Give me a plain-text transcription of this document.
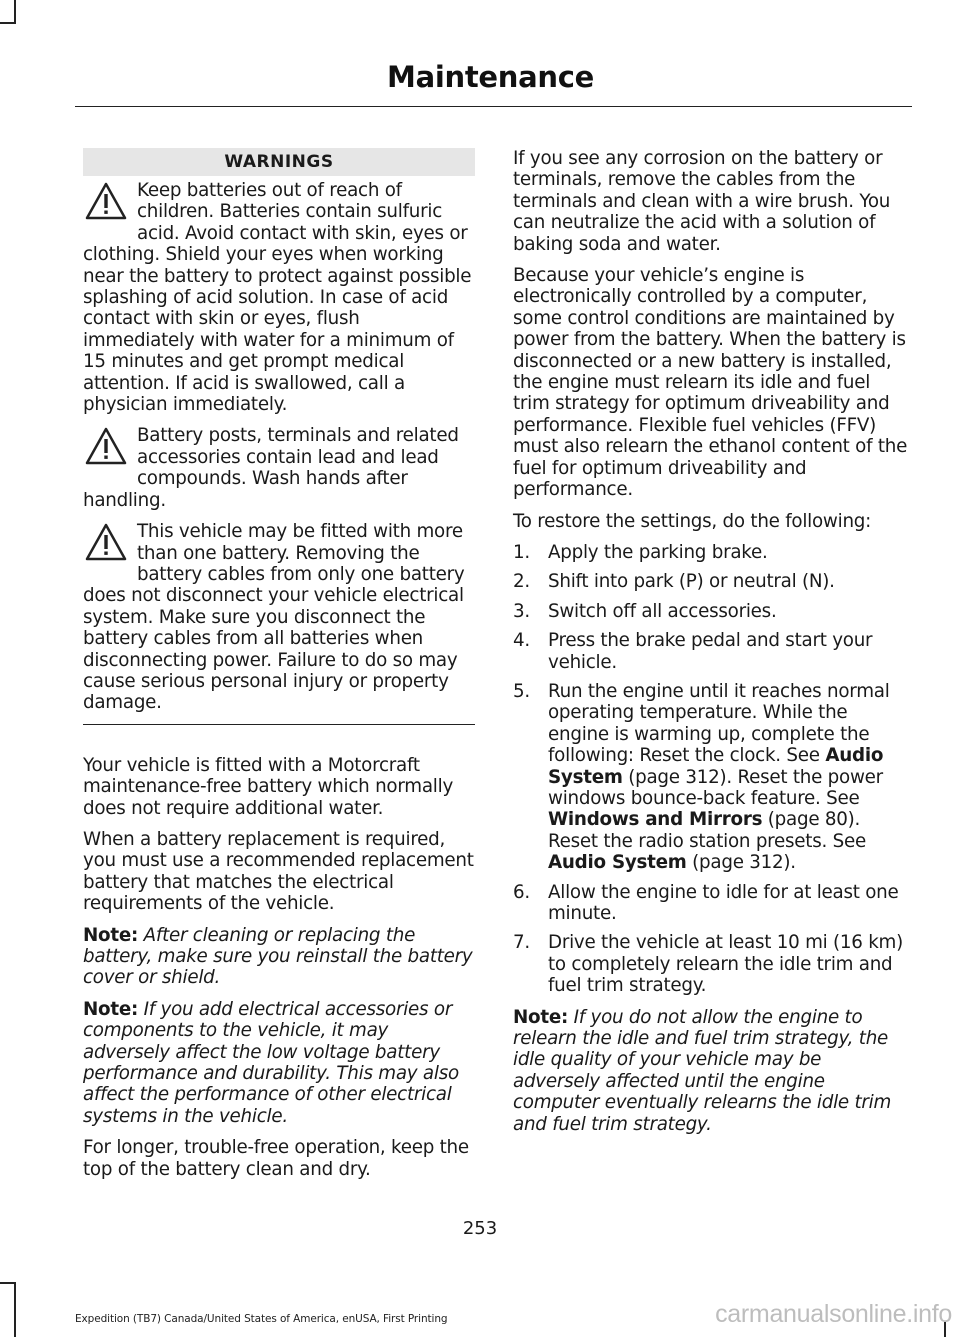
Maintenance
WARNINGS
Keep batteries out of reach of children. Batteries contain sulfuric acid. Avoid contact with skin, eyes or clothing. Shield your eyes when working near the battery to protect against possible splashing of acid solution. In case of acid contact with skin or eyes, flush immediately with water for a minimum of 15 minutes and get prompt medical attention. If acid is swallowed, call a physician immediately.
Battery posts, terminals and related accessories contain lead and lead compounds. Wash hands after handling.
This vehicle may be fitted with more than one battery. Removing the battery cables from only one battery does not disconnect your vehicle electrical system. Make sure you disconnect the battery cables from all batteries when disconnecting power. Failure to do so may cause serious personal injury or property damage.

Your vehicle is fitted with a Motorcraft maintenance-free battery which normally does not require additional water.

When a battery replacement is required, you must use a recommended replacement battery that matches the electrical requirements of the vehicle.

Note: After cleaning or replacing the battery, make sure you reinstall the battery cover or shield.

Note: If you add electrical accessories or components to the vehicle, it may adversely affect the low voltage battery performance and durability. This may also affect the performance of other electrical systems in the vehicle.

For longer, trouble-free operation, keep the top of the battery clean and dry.

If you see any corrosion on the battery or terminals, remove the cables from the terminals and clean with a wire brush. You can neutralize the acid with a solution of baking soda and water.

Because your vehicle’s engine is electronically controlled by a computer, some control conditions are maintained by power from the battery. When the battery is disconnected or a new battery is installed, the engine must relearn its idle and fuel trim strategy for optimum driveability and performance. Flexible fuel vehicles (FFV) must also relearn the ethanol content of the fuel for optimum driveability and performance.

To restore the settings, do the following:

1. Apply the parking brake.
2. Shift into park (P) or neutral (N).
3. Switch off all accessories.
4. Press the brake pedal and start your vehicle.
5. Run the engine until it reaches normal operating temperature. While the engine is warming up, complete the following: Reset the clock. See Audio System (page 312). Reset the power windows bounce-back feature. See Windows and Mirrors (page 80). Reset the radio station presets. See Audio System (page 312).
6. Allow the engine to idle for at least one minute.
7. Drive the vehicle at least 10 mi (16 km) to completely relearn the idle trim and fuel trim strategy.

Note: If you do not allow the engine to relearn the idle and fuel trim strategy, the idle quality of your vehicle may be adversely affected until the engine computer eventually relearns the idle trim and fuel trim strategy.

253
Expedition (TB7) Canada/United States of America, enUSA, First Printing	carmanualsonline.info
